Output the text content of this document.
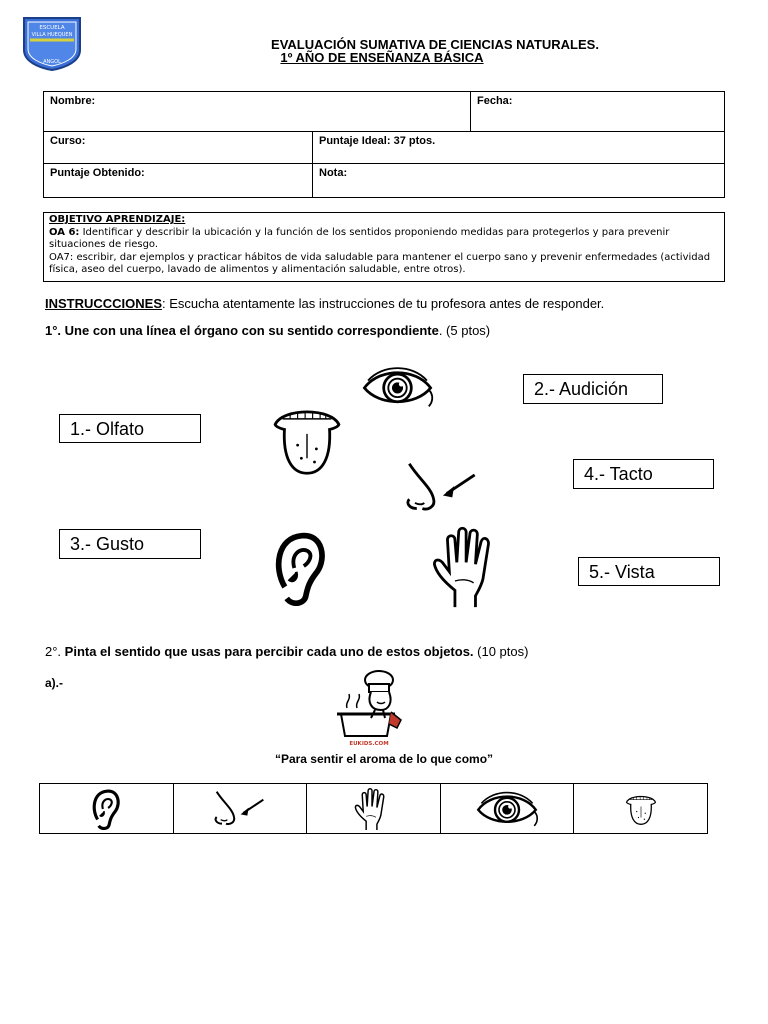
ESCUELA
VILLA HUEQUEN
ANGOL
EVALUACIÓN SUMATIVA DE CIENCIAS NATURALES.
1º AÑO DE ENSEÑANZA BÁSICA
Nombre:	Fecha:
Curso:	Puntaje Ideal: 37 ptos.
Puntaje Obtenido:	Nota:
OBJETIVO APRENDIZAJE:
OA 6: Identificar y describir la ubicación y la función de los sentidos proponiendo medidas para protegerlos y para prevenir situaciones de riesgo.
OA7: escribir, dar ejemplos y practicar hábitos de vida saludable para mantener el cuerpo sano y prevenir enfermedades (actividad física, aseo del cuerpo, lavado de alimentos y alimentación saludable, entre otros).
INSTRUCCCIONES: Escucha atentamente las instrucciones de tu profesora antes de responder.
1°. Une con una línea el órgano con su sentido correspondiente. (5 ptos)
1.- Olfato
2.- Audición
3.- Gusto
4.- Tacto
5.- Vista
2°. Pinta el sentido que usas para percibir cada uno de estos objetos. (10 ptos)
a).-
EUKIDS.COM
“Para sentir el aroma de lo que como”
